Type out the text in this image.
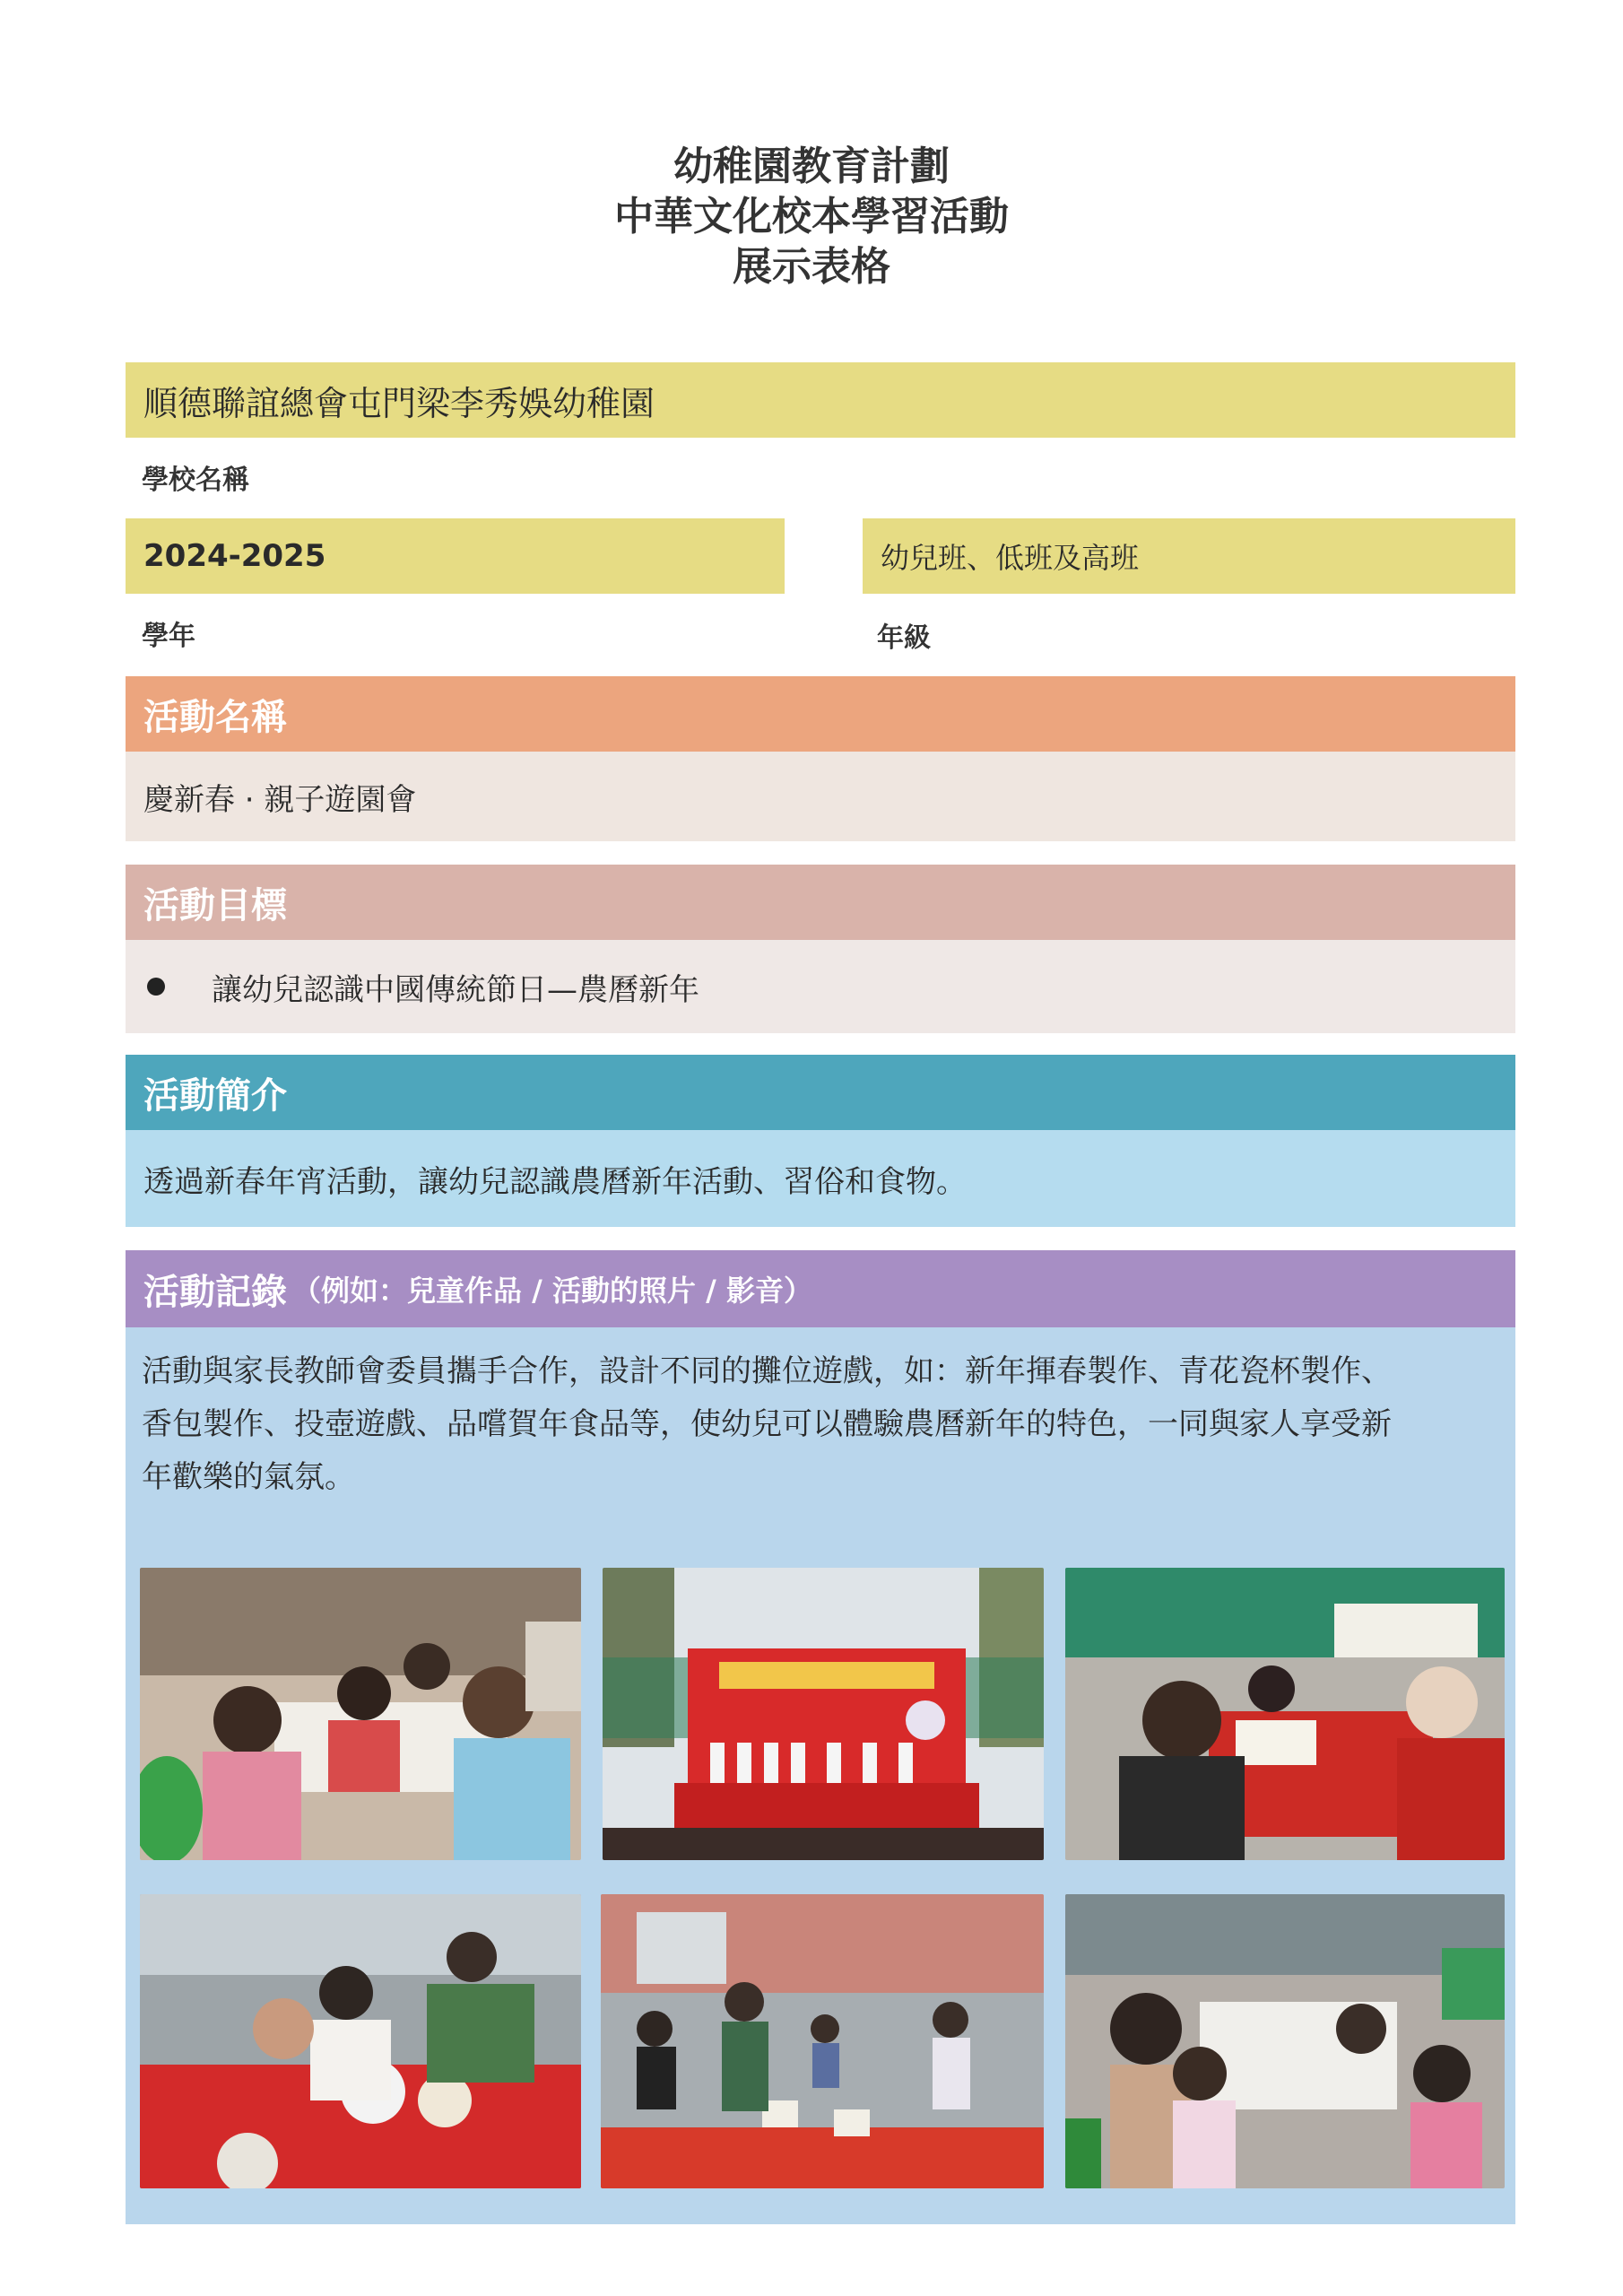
幼稚園教育計劃
中華文化校本學習活動
展示表格
順德聯誼總會屯門梁李秀娛幼稚園
學校名稱
2024-2025
學年
幼兒班、低班及高班
年級
活動名稱
慶新春 · 親子遊園會
活動目標
讓幼兒認識中國傳統節日—農曆新年
活動簡介
透過新春年宵活動，讓幼兒認識農曆新年活動、習俗和食物。
活動記錄 （例如：兒童作品 / 活動的照片 / 影音）
活動與家長教師會委員攜手合作，設計不同的攤位遊戲，如：新年揮春製作、青花瓷杯製作、
香包製作、投壺遊戲、品嚐賀年食品等，使幼兒可以體驗農曆新年的特色，一同與家人享受新
年歡樂的氣氛。
